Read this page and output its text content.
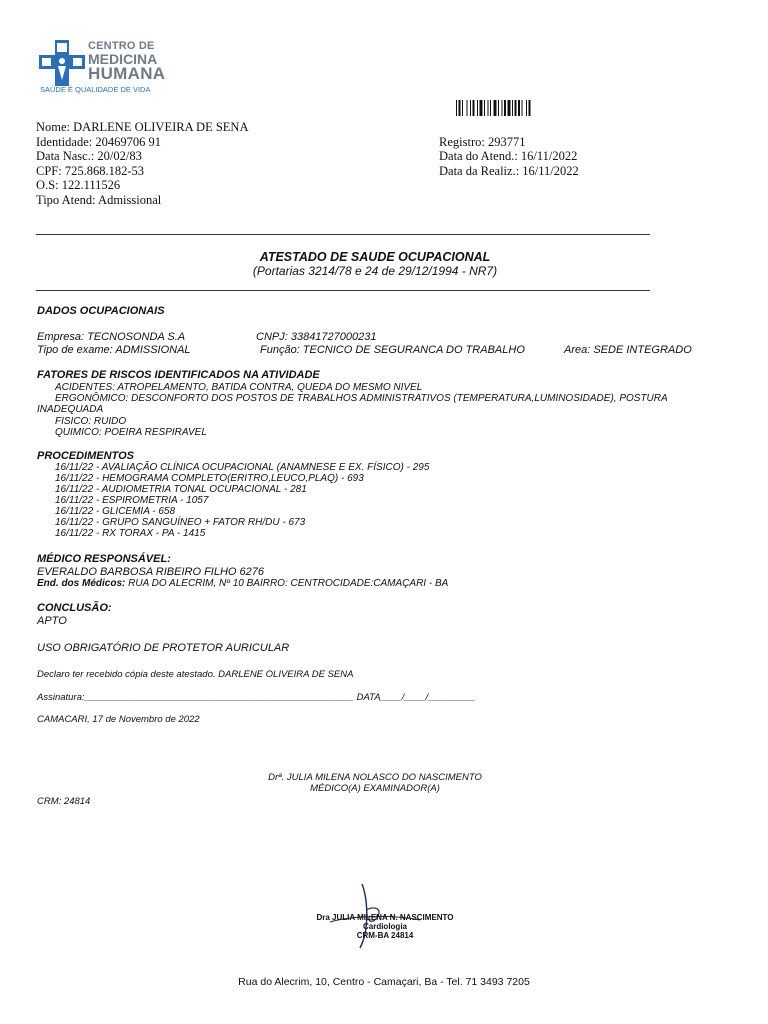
CENTRO DE
MEDICINA
HUMANA
SAÚDE É QUALIDADE DE VIDA
Nome: DARLENE OLIVEIRA DE SENA
Identidade: 20469706 91
Data Nasc.: 20/02/83
CPF: 725.868.182-53
O.S: 122.111526
Tipo Atend: Admissional
Registro: 293771
Data do Atend.: 16/11/2022
Data da Realiz.: 16/11/2022
ATESTADO DE SAUDE OCUPACIONAL
(Portarias 3214/78 e 24 de 29/12/1994 - NR7)
DADOS OCUPACIONAIS
Empresa: TECNOSONDA S.A	CNPJ: 33841727000231
Tipo de exame: ADMISSIONAL	Função: TECNICO DE SEGURANCA DO TRABALHO	Area: SEDE INTEGRADO
FATORES DE RISCOS IDENTIFICADOS NA ATIVIDADE
ACIDENTES: ATROPELAMENTO, BATIDA CONTRA, QUEDA DO MESMO NIVEL
ERGONÔMICO: DESCONFORTO DOS POSTOS DE TRABALHOS ADMINISTRATIVOS (TEMPERATURA,LUMINOSIDADE), POSTURA
INADEQUADA
FISICO: RUIDO
QUIMICO: POEIRA RESPIRAVEL
PROCEDIMENTOS
16/11/22 - AVALIAÇÃO CLÍNICA OCUPACIONAL (ANAMNESE E EX. FÍSICO) - 295
16/11/22 - HEMOGRAMA COMPLETO(ERITRO,LEUCO,PLAQ) - 693
16/11/22 - AUDIOMETRIA TONAL OCUPACIONAL - 281
16/11/22 - ESPIROMETRIA - 1057
16/11/22 - GLICEMIA - 658
16/11/22 - GRUPO SANGUÍNEO + FATOR RH/DU - 673
16/11/22 - RX TORAX - PA - 1415
MÉDICO RESPONSÁVEL:
EVERALDO BARBOSA RIBEIRO FILHO 6276
End. dos Médicos: RUA DO ALECRIM, Nº 10 BAIRRO: CENTROCIDADE:CAMAÇARI - BA
CONCLUSÃO:
APTO
USO OBRIGATÓRIO DE PROTETOR AURICULAR
Declaro ter recebido cópia deste atestado. DARLENE OLIVEIRA DE SENA
Assinatura:___________________________________________________ DATA____/____/_________
CAMACARI, 17 de Novembro de 2022
Drª. JULIA MILENA NOLASCO DO NASCIMENTO
MÉDICO(A) EXAMINADOR(A)
CRM: 24814
Dra JULIA MILENA N. NASCIMENTO
Cardiologia
CRM-BA 24814
Rua do Alecrim, 10, Centro - Camaçari, Ba - Tel. 71 3493 7205
